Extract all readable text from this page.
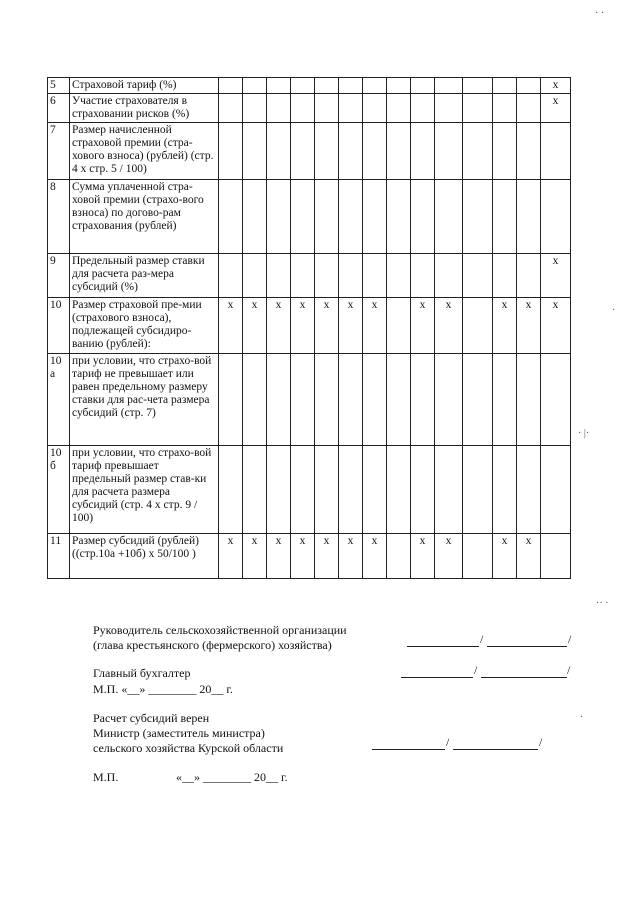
5	Страховой тариф (%)														x
6	Участие страхователя в страховании рисков (%)														x
7	Размер начисленной страховой премии (стра-хового взноса) (рублей) (стр. 4 x стр. 5 / 100)														
8	Сумма уплаченной стра-ховой премии (страхо-вого взноса) по догово-рам страхования (рублей)														
9	Предельный размер ставки для расчета раз-мера субсидий (%)														x
10	Размер страховой пре-мии (страхового взноса), подлежащей субсидиро-ванию (рублей):	x	x	x	x	x	x	x		x	x		x	x	x
10 а	при условии, что страхо-вой тариф не превышает или равен предельному размеру ставки для рас-чета размера субсидий (стр. 7)														
10 б	при условии, что страхо-вой тариф превышает предельный размер став-ки для расчета размера субсидий (стр. 4 x стр. 9 / 100)														
11	Размер субсидий (рублей) ((стр.10а +10б) x 50/100 )	x	x	x	x	x	x	x		x	x		x	x	
Руководитель сельскохозяйственной организации
(глава крестьянского (фермерского) хозяйства)	/	/
Главный бухгалтер
М.П. «__» ________ 20__ г.
/	/
Расчет субсидий верен
Министр (заместитель министра)
сельского хозяйства Курской области	/	/
М.П.	«__» ________ 20__ г.
· ·
· |·
·· ·
·
·
